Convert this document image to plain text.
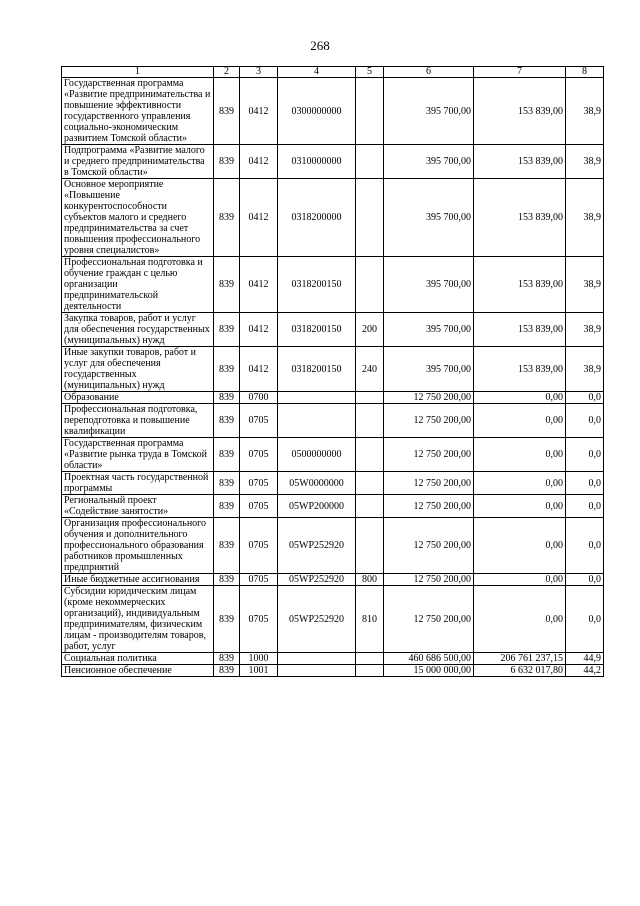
268
1	2	3	4	5	6	7	8
Государственная программа «Развитие предпринимательства и повышение эффективности государственного управления социально-экономическим развитием Томской области»	839	0412	0300000000		395 700,00	153 839,00	38,9
Подпрограмма «Развитие малого и среднего предпринимательства в Томской области»	839	0412	0310000000		395 700,00	153 839,00	38,9
Основное мероприятие «Повышение конкурентоспособности субъектов малого и среднего предпринимательства за счет повышения профессионального уровня специалистов»	839	0412	0318200000		395 700,00	153 839,00	38,9
Профессиональная подготовка и обучение граждан с целью организации предпринимательской деятельности	839	0412	0318200150		395 700,00	153 839,00	38,9
Закупка товаров, работ и услуг для обеспечения государственных (муниципальных) нужд	839	0412	0318200150	200	395 700,00	153 839,00	38,9
Иные закупки товаров, работ и услуг для обеспечения государственных (муниципальных) нужд	839	0412	0318200150	240	395 700,00	153 839,00	38,9
Образование	839	0700			12 750 200,00	0,00	0,0
Профессиональная подготовка, переподготовка и повышение квалификации	839	0705			12 750 200,00	0,00	0,0
Государственная программа «Развитие рынка труда в Томской области»	839	0705	0500000000		12 750 200,00	0,00	0,0
Проектная часть государственной программы	839	0705	05W0000000		12 750 200,00	0,00	0,0
Региональный проект «Содействие занятости»	839	0705	05WP200000		12 750 200,00	0,00	0,0
Организация профессионального обучения и дополнительного профессионального образования работников промышленных предприятий	839	0705	05WP252920		12 750 200,00	0,00	0,0
Иные бюджетные ассигнования	839	0705	05WP252920	800	12 750 200,00	0,00	0,0
Субсидии юридическим лицам (кроме некоммерческих организаций), индивидуальным предпринимателям, физическим лицам - производителям товаров, работ, услуг	839	0705	05WP252920	810	12 750 200,00	0,00	0,0
Социальная политика	839	1000			460 686 500,00	206 761 237,15	44,9
Пенсионное обеспечение	839	1001			15 000 000,00	6 632 017,80	44,2
